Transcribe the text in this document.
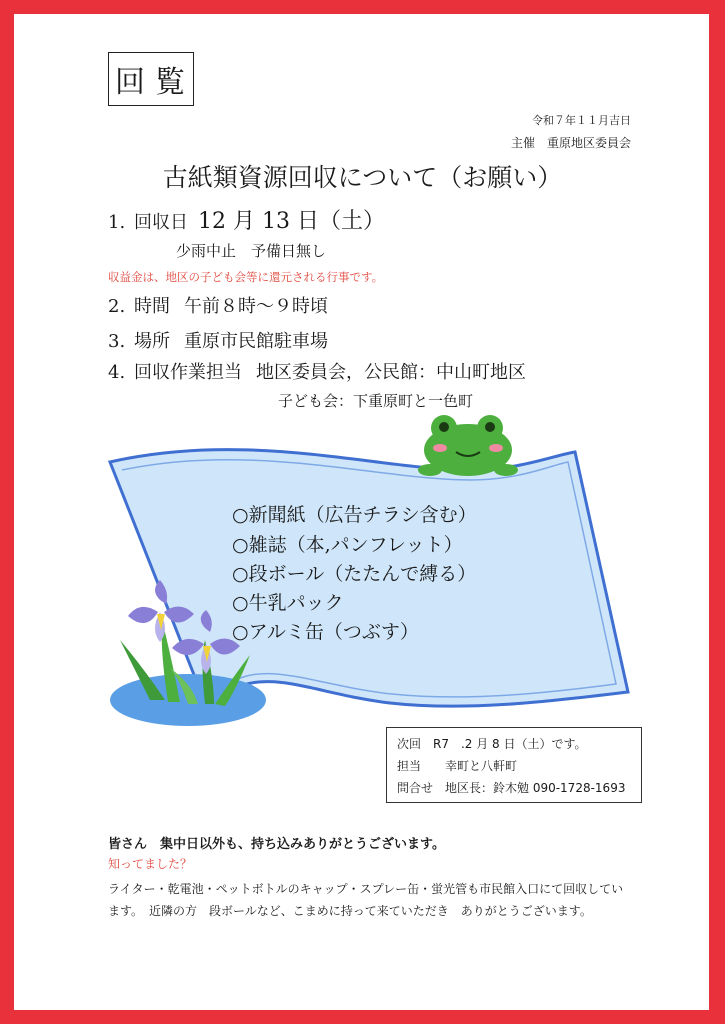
回覧
令和７年１１月吉日
主催　重原地区委員会
古紙類資源回収について（お願い）
1. 回収日 12 月 13 日（土）
少雨中止　予備日無し
収益金は、地区の子ども会等に還元される行事です。
2. 時間 午前８時〜９時頃
3. 場所 重原市民館駐車場
4. 回収作業担当 地区委員会，公民館：中山町地区
子ども会：下重原町と一色町
○新聞紙（広告チラシ含む）
○雑誌（本,パンフレット）
○段ボール（たたんで縛る）
○牛乳パック
○アルミ缶（つぶす）
次回　R7　.2 月 8 日（土）です。
担当　　幸町と八軒町
問合せ　地区長：鈴木勉 090-1728-1693
皆さん　集中日以外も、持ち込みありがとうございます。
知ってました？
ライター・乾電池・ペットボトルのキャップ・スプレー缶・蛍光管も市民館入口にて回収してい
ます。　近隣の方　段ボールなど、こまめに持って来ていただき　ありがとうございます。
